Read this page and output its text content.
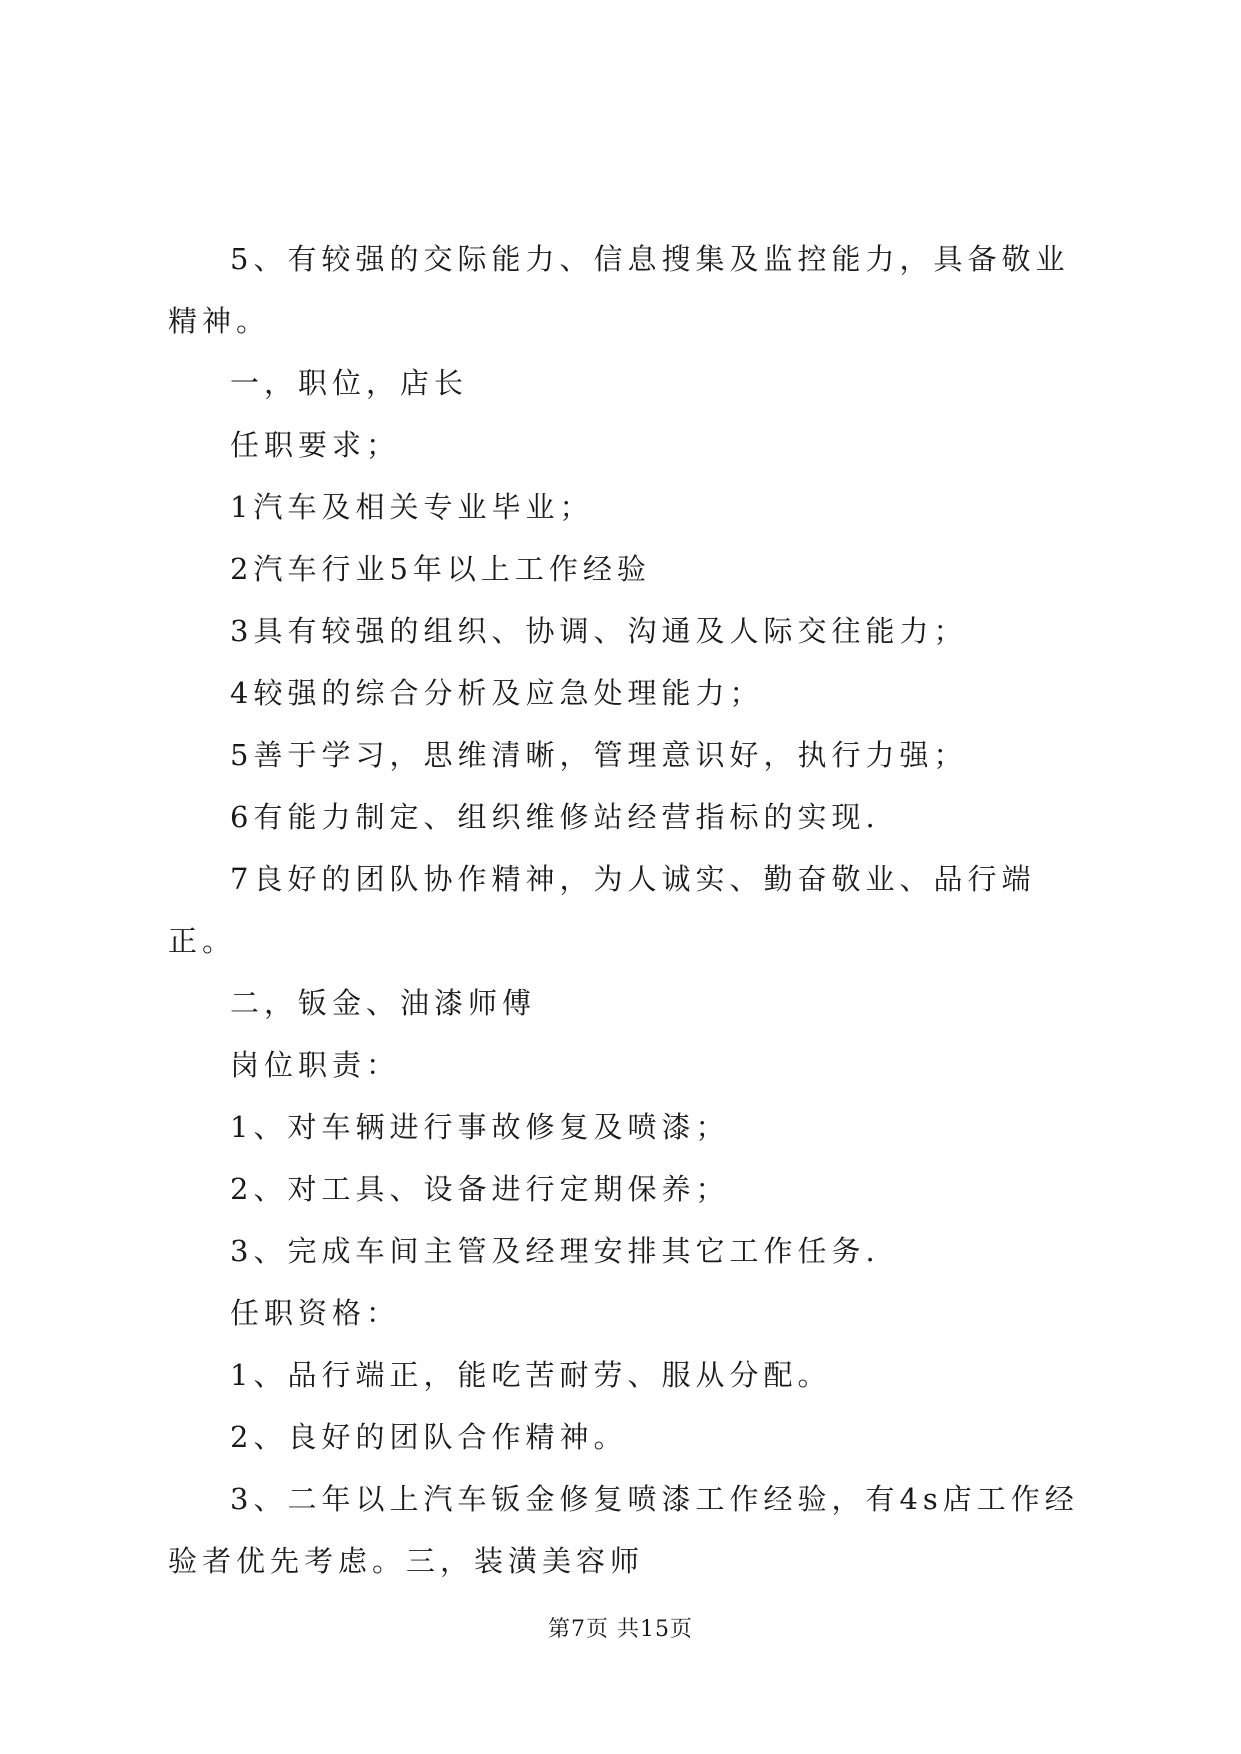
5、有较强的交际能力、信息搜集及监控能力，具备敬业精神。

一，职位，店长

任职要求；

1汽车及相关专业毕业；

2汽车行业5年以上工作经验

3具有较强的组织、协调、沟通及人际交往能力；

4较强的综合分析及应急处理能力；

5善于学习，思维清晰，管理意识好，执行力强；

6有能力制定、组织维修站经营指标的实现.

7良好的团队协作精神，为人诚实、勤奋敬业、品行端正。

二，钣金、油漆师傅

岗位职责：

1、对车辆进行事故修复及喷漆；

2、对工具、设备进行定期保养；

3、完成车间主管及经理安排其它工作任务.

任职资格：

1、品行端正，能吃苦耐劳、服从分配。

2、良好的团队合作精神。

3、二年以上汽车钣金修复喷漆工作经验，有4s店工作经验者优先考虑。三，装潢美容师

第7页 共15页
